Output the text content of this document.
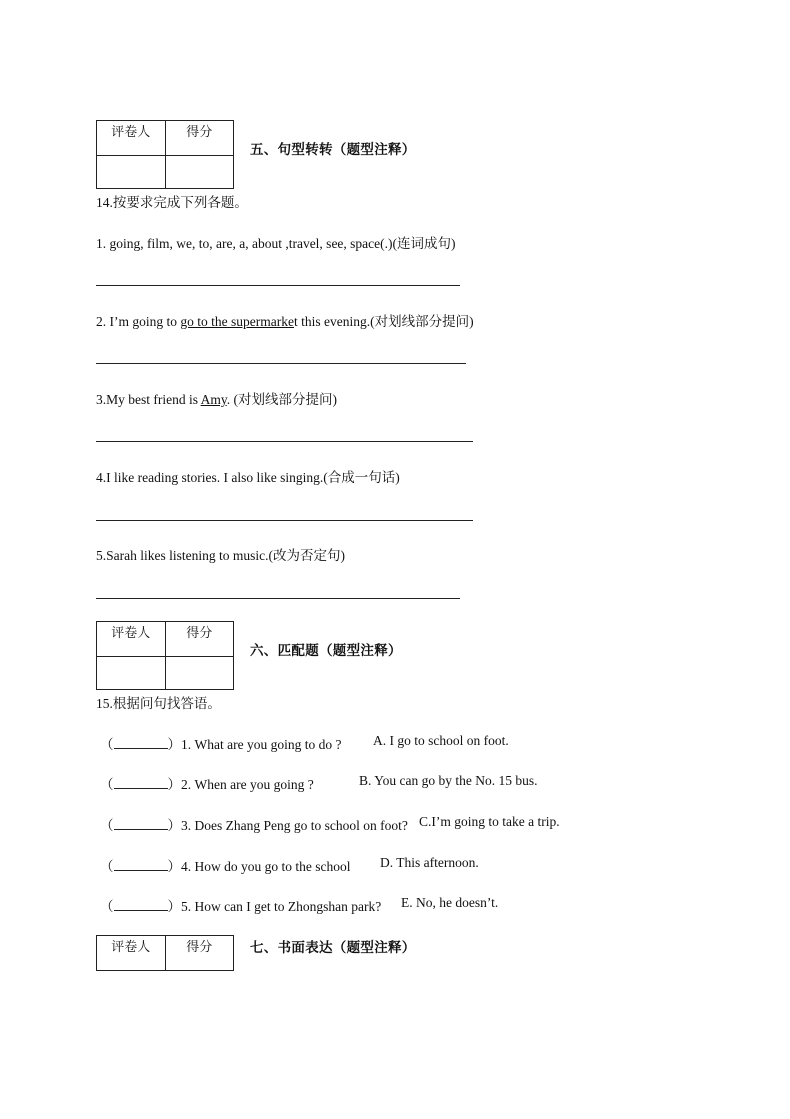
评卷人	得分

五、句型转转（题型注释）
14.按要求完成下列各题。
1. going, film, we, to, are, a, about ,travel, see, space(.)(连词成句)
2. I’m going to go to the supermarket this evening.(对划线部分提问)
3.My best friend is Amy. (对划线部分提问)
4.I like reading stories. I also like singing.(合成一句话)
5.Sarah likes listening to music.(改为否定句)
评卷人	得分

六、匹配题（题型注释）
15.根据问句找答语。
（	）1. What are you going to do ? A. I go to school on foot.
（	）2. When are you going ?	B. You can go by the No. 15 bus.
（	）3. Does Zhang Peng go to school on foot? C.I’m going to take a trip.
（	）4. How do you go to the school D. This afternoon.
（	）5. How can I get to Zhongshan park? E. No, he doesn’t.
评卷人	得分	七、书面表达（题型注释）
